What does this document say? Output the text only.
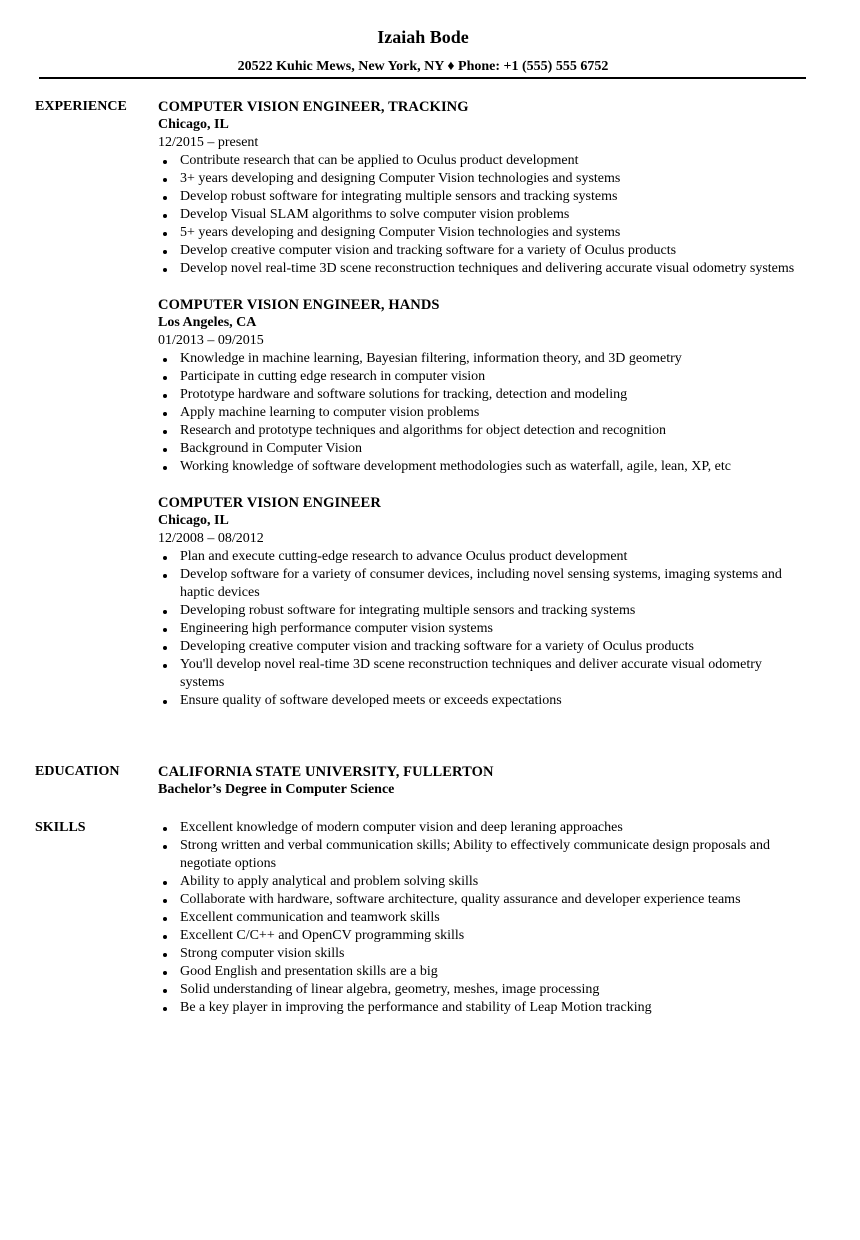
Izaiah Bode
20522 Kuhic Mews, New York, NY ♦ Phone: +1 (555) 555 6752
EXPERIENCE	COMPUTER VISION ENGINEER, TRACKING
Chicago, IL
12/2015 – present
Contribute research that can be applied to Oculus product development
3+ years developing and designing Computer Vision technologies and systems
Develop robust software for integrating multiple sensors and tracking systems
Develop Visual SLAM algorithms to solve computer vision problems
5+ years developing and designing Computer Vision technologies and systems
Develop creative computer vision and tracking software for a variety of Oculus products
Develop novel real-time 3D scene reconstruction techniques and delivering accurate visual odometry systems
COMPUTER VISION ENGINEER, HANDS
Los Angeles, CA
01/2013 – 09/2015
Knowledge in machine learning, Bayesian filtering, information theory, and 3D geometry
Participate in cutting edge research in computer vision
Prototype hardware and software solutions for tracking, detection and modeling
Apply machine learning to computer vision problems
Research and prototype techniques and algorithms for object detection and recognition
Background in Computer Vision
Working knowledge of software development methodologies such as waterfall, agile, lean, XP, etc
COMPUTER VISION ENGINEER
Chicago, IL
12/2008 – 08/2012
Plan and execute cutting-edge research to advance Oculus product development
Develop software for a variety of consumer devices, including novel sensing systems, imaging systems and haptic devices
Developing robust software for integrating multiple sensors and tracking systems
Engineering high performance computer vision systems
Developing creative computer vision and tracking software for a variety of Oculus products
You'll develop novel real-time 3D scene reconstruction techniques and deliver accurate visual odometry systems
Ensure quality of software developed meets or exceeds expectations
EDUCATION	CALIFORNIA STATE UNIVERSITY, FULLERTON
Bachelor’s Degree in Computer Science
SKILLS	Excellent knowledge of modern computer vision and deep leraning approaches
Strong written and verbal communication skills; Ability to effectively communicate design proposals and negotiate options
Ability to apply analytical and problem solving skills
Collaborate with hardware, software architecture, quality assurance and developer experience teams
Excellent communication and teamwork skills
Excellent C/C++ and OpenCV programming skills
Strong computer vision skills
Good English and presentation skills are a big
Solid understanding of linear algebra, geometry, meshes, image processing
Be a key player in improving the performance and stability of Leap Motion tracking
